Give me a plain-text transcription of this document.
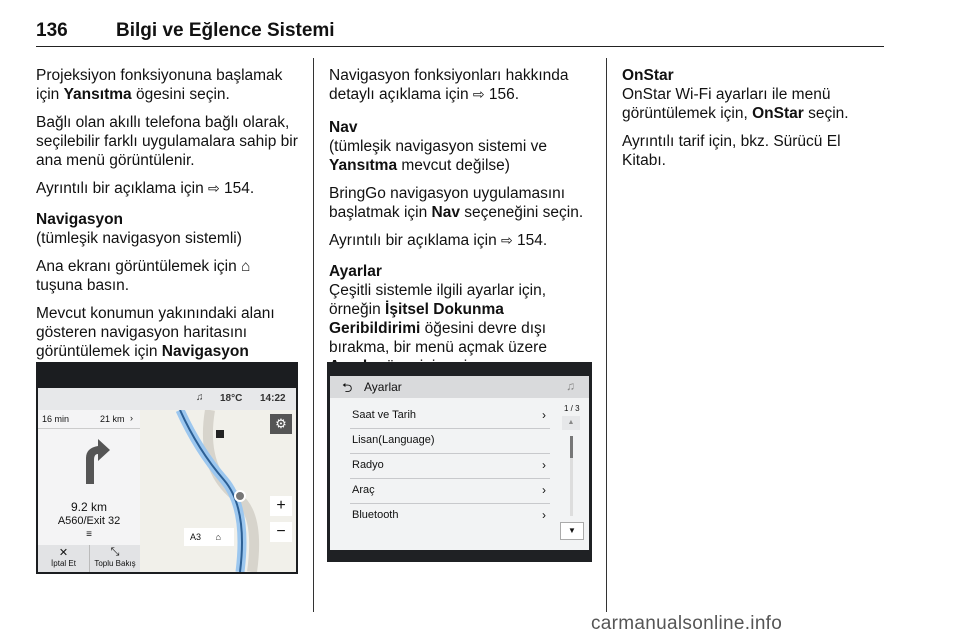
136	Bilgi ve Eğlence Sistemi

Projeksiyon fonksiyonuna başlamak için Yansıtma ögesini seçin.

Bağlı olan akıllı telefona bağlı olarak, seçilebilir farklı uygulamalara sahip bir ana menü görüntülenir.

Ayrıntılı bir açıklama için ⇨ 154.

Navigasyon

(tümleşik navigasyon sistemli)

Ana ekranı görüntülemek için ⌂
tuşuna basın.

Mevcut konumun yakınındaki alanı gösteren navigasyon haritasını görüntülemek için Navigasyon

Navigasyon fonksiyonları hakkında detaylı açıklama için ⇨ 156.

Nav

(tümleşik navigasyon sistemi ve Yansıtma mevcut değilse)

BringGo navigasyon uygulamasını başlatmak için Nav seçeneğini seçin.

Ayrıntılı bir açıklama için ⇨ 154.

Ayarlar

Çeşitli sistemle ilgili ayarlar için, örneğin İşitsel Dokunma Geribildirimi öğesini devre dışı bırakma, bir menü açmak üzere

OnStar

OnStar Wi-Fi ayarları ile menü görüntülemek için, OnStar seçin.

Ayrıntılı tarif için, bkz. Sürücü El Kitabı.

♫ 18°C 14:22
16 min	21 km ›
9.2 km
A560/Exit 32
≡
✕
İptal Et
⤡
Toplu Bakış
⚙
+
−
A3 ⌂
⮌ Ayarlar	♫
Saat ve Tarih	›
Lisan(Language)
Radyo	›
Araç	›
Bluetooth	›
1 / 3
▲
▼
carmanualsonline.info
